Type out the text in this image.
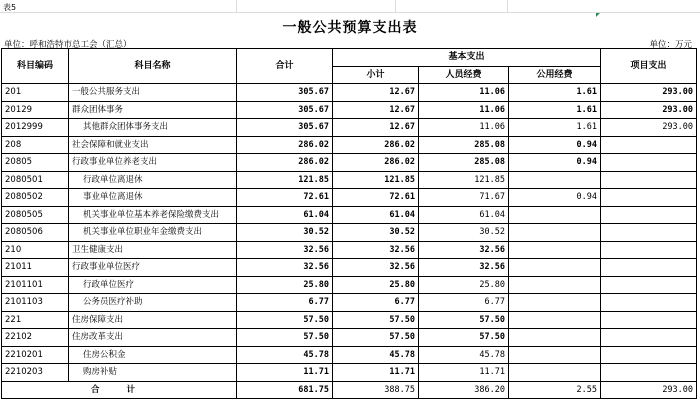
表5
一般公共预算支出表
单位：呼和浩特市总工会（汇总）	单位：万元
科目编码	科目名称	合计	基本支出			项目支出
			小计	人员经费	公用经费	
201	一般公共服务支出	305.67	12.67	11.06	1.61	293.00
20129	群众团体事务	305.67	12.67	11.06	1.61	293.00
2012999	其他群众团体事务支出	305.67	12.67	11.06	1.61	293.00
208	社会保障和就业支出	286.02	286.02	285.08	0.94	
20805	行政事业单位养老支出	286.02	286.02	285.08	0.94	
2080501	行政单位离退休	121.85	121.85	121.85		
2080502	事业单位离退休	72.61	72.61	71.67	0.94	
2080505	机关事业单位基本养老保险缴费支出	61.04	61.04	61.04		
2080506	机关事业单位职业年金缴费支出	30.52	30.52	30.52		
210	卫生健康支出	32.56	32.56	32.56		
21011	行政事业单位医疗	32.56	32.56	32.56		
2101101	行政单位医疗	25.80	25.80	25.80		
2101103	公务员医疗补助	6.77	6.77	6.77		
221	住房保障支出	57.50	57.50	57.50		
22102	住房改革支出	57.50	57.50	57.50		
2210201	住房公积金	45.78	45.78	45.78		
2210203	购房补贴	11.71	11.71	11.71		
合 计		681.75	388.75	386.20	2.55	293.00
